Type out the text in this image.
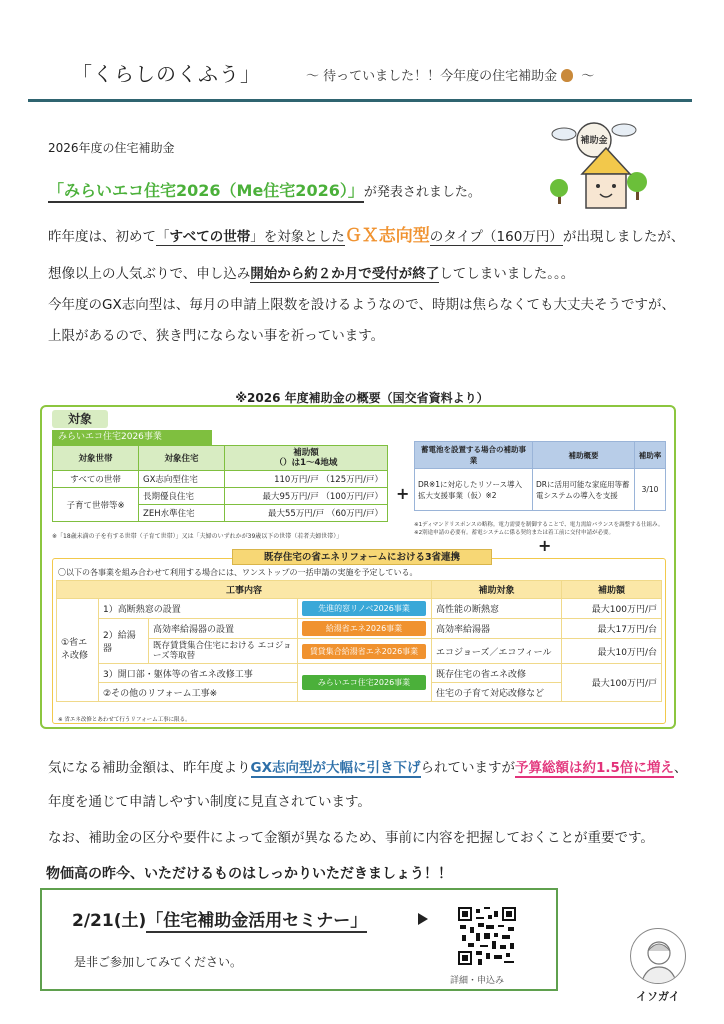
「くらしのくふう」	〜 待っていました！！今年度の住宅補助金 〜
補助金
2026年度の住宅補助金
「みらいエコ住宅2026（Me住宅2026）」が発表されました。
昨年度は、初めて「すべての世帯」を対象としたＧＸ志向型のタイプ（160万円）が出現しましたが、
想像以上の人気ぶりで、申し込み開始から約２か月で受付が終了してしまいました。。。
今年度のGX志向型は、毎月の申請上限数を設けるようなので、時期は焦らなくても大丈夫そうですが、
上限があるので、狭き門にならない事を祈っています。
※2026 年度補助金の概要（国交省資料より）
対象
みらいエコ住宅2026事業
対象世帯	対象住宅	補助額
（）は1〜4地域
すべての世帯	GX志向型住宅	110万円/戸 （125万円/戸）
子育て世帯等※	長期優良住宅	最大95万円/戸 （100万円/戸）
	ZEH水準住宅	最大55万円/戸 （60万円/戸）
※「18歳未満の子を有する世帯（子育て世帯）」又は「夫婦のいずれかが39歳以下の世帯（若者夫婦世帯）」
+
蓄電池を設置する場合の補助事業	補助概要	補助率
DR※1に対応したリソース導入拡大支援事業（仮）※2	DRに活用可能な家庭用等蓄電システムの導入を支援	3/10
※1ディマンドリスポンスの略称。電力需要を制御することで、電力需給バランスを調整する仕組み。 ※2別途申請の必要有。蓄電システムに係る契約または着工前に交付申請が必要。
+
既存住宅の省エネリフォームにおける3省連携
〇以下の各事業を組み合わせて利用する場合には、ワンストップの一括申請の実施を予定している。
工事内容				補助対象	補助額
①省エネ改修	1）高断熱窓の設置		先進的窓リノベ2026事業	高性能の断熱窓	最大100万円/戸
	2）給湯器	高効率給湯器の設置	給湯省エネ2026事業	高効率給湯器	最大17万円/台
		既存賃貸集合住宅における エコジョーズ等取替	賃貸集合給湯省エネ2026事業	エコジョーズ／エコフィール	最大10万円/台
	3）開口部・躯体等の省エネ改修工事		みらいエコ住宅2026事業	既存住宅の省エネ改修	最大100万円/戸
	②その他のリフォーム工事※			住宅の子育て対応改修など	
※ 省エネ改修とあわせて行うリフォーム工事に限る。
気になる補助金額は、昨年度よりGX志向型が大幅に引き下げられていますが予算総額は約1.5倍に増え、
年度を通じて申請しやすい制度に見直されています。
なお、補助金の区分や要件によって金額が異なるため、事前に内容を把握しておくことが重要です。
物価高の昨今、いただけるものはしっかりいただきましょう！！
2/21(土)「住宅補助金活用セミナー」
是非ご参加してみてください。
詳細・申込み
イソガイ
